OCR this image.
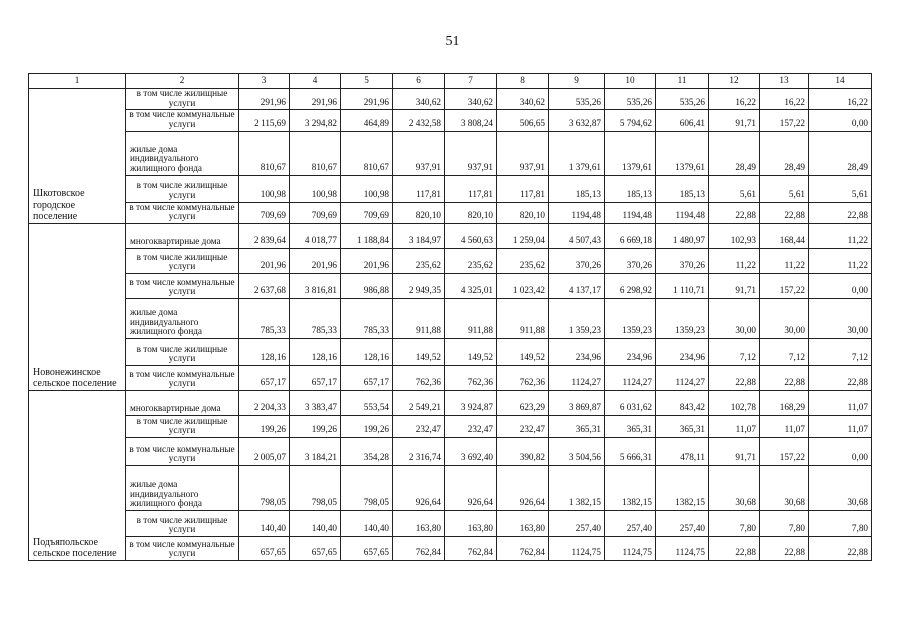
51
1	2	3	4	5	6	7	8	9	10	11	12	13	14
Шкотовское городское поселение	в том числе жилищные услуги	291,96	291,96	291,96	340,62	340,62	340,62	535,26	535,26	535,26	16,22	16,22	16,22
	в том числе коммунальные услуги	2 115,69	3 294,82	464,89	2 432,58	3 808,24	506,65	3 632,87	5 794,62	606,41	91,71	157,22	0,00
	жилые дома индивидуального жилищного фонда	810,67	810,67	810,67	937,91	937,91	937,91	1 379,61	1379,61	1379,61	28,49	28,49	28,49
	в том числе жилищные услуги	100,98	100,98	100,98	117,81	117,81	117,81	185,13	185,13	185,13	5,61	5,61	5,61
	в том числе коммунальные услуги	709,69	709,69	709,69	820,10	820,10	820,10	1194,48	1194,48	1194,48	22,88	22,88	22,88
Новонежинское сельское поселение	многоквартирные дома	2 839,64	4 018,77	1 188,84	3 184,97	4 560,63	1 259,04	4 507,43	6 669,18	1 480,97	102,93	168,44	11,22
	в том числе жилищные услуги	201,96	201,96	201,96	235,62	235,62	235,62	370,26	370,26	370,26	11,22	11,22	11,22
	в том числе коммунальные услуги	2 637,68	3 816,81	986,88	2 949,35	4 325,01	1 023,42	4 137,17	6 298,92	1 110,71	91,71	157,22	0,00
	жилые дома индивидуального жилищного фонда	785,33	785,33	785,33	911,88	911,88	911,88	1 359,23	1359,23	1359,23	30,00	30,00	30,00
	в том числе жилищные услуги	128,16	128,16	128,16	149,52	149,52	149,52	234,96	234,96	234,96	7,12	7,12	7,12
	в том числе коммунальные услуги	657,17	657,17	657,17	762,36	762,36	762,36	1124,27	1124,27	1124,27	22,88	22,88	22,88
Подъяпольское сельское поселение	многоквартирные дома	2 204,33	3 383,47	553,54	2 549,21	3 924,87	623,29	3 869,87	6 031,62	843,42	102,78	168,29	11,07
	в том числе жилищные услуги	199,26	199,26	199,26	232,47	232,47	232,47	365,31	365,31	365,31	11,07	11,07	11,07
	в том числе коммунальные услуги	2 005,07	3 184,21	354,28	2 316,74	3 692,40	390,82	3 504,56	5 666,31	478,11	91,71	157,22	0,00
	жилые дома индивидуального жилищного фонда	798,05	798,05	798,05	926,64	926,64	926,64	1 382,15	1382,15	1382,15	30,68	30,68	30,68
	в том числе жилищные услуги	140,40	140,40	140,40	163,80	163,80	163,80	257,40	257,40	257,40	7,80	7,80	7,80
	в том числе коммунальные услуги	657,65	657,65	657,65	762,84	762,84	762,84	1124,75	1124,75	1124,75	22,88	22,88	22,88
